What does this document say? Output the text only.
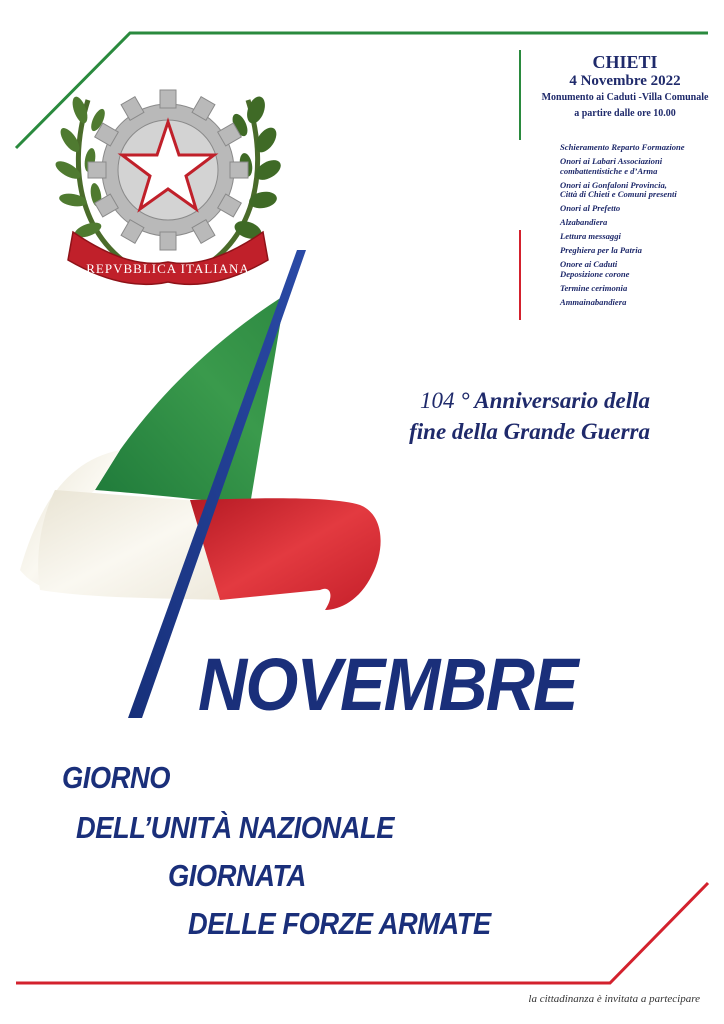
REPVBBLICA ITALIANA
CHIETI
4 Novembre 2022
Monumento ai Caduti -Villa Comunale
a partire dalle ore 10.00
Schieramento Reparto Formazione
Onori ai Labari Associazioni
combattentistiche e d’Arma
Onori ai Gonfaloni Provincia,
Città di Chieti e Comuni presenti
Onori al Prefetto
Alzabandiera
Lettura messaggi
Preghiera per la Patria
Onore ai Caduti
Deposizione corone
Termine cerimonia
Ammainabandiera
104 ° Anniversario della
fine della Grande Guerra
NOVEMBRE
GIORNO
DELL’UNITÀ NAZIONALE
GIORNATA
DELLE FORZE ARMATE
la cittadinanza è invitata a partecipare
